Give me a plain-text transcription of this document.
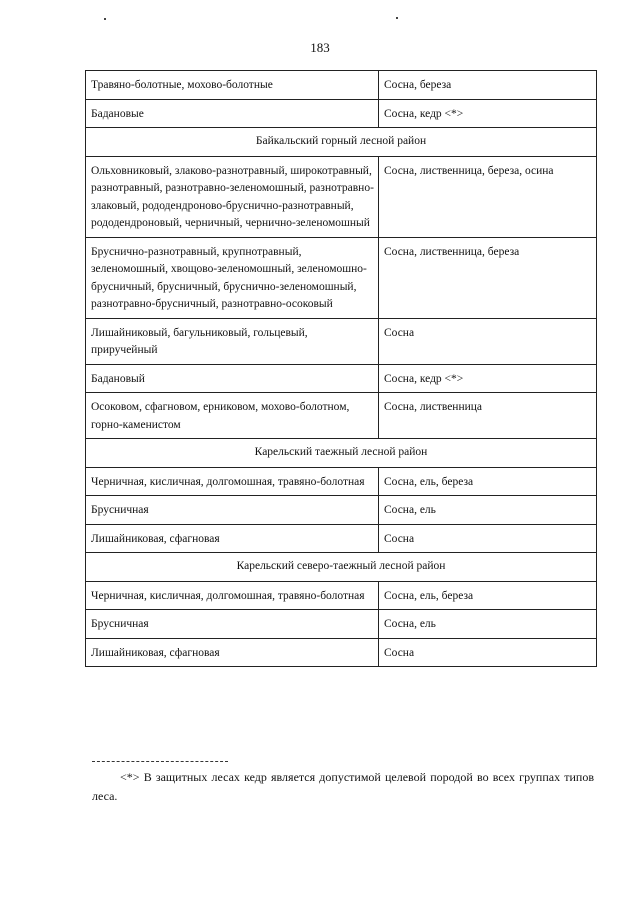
183
Травяно-болотные, мохово-болотные	Сосна, береза
Бадановые	Сосна, кедр <*>
Байкальский горный лесной район	
Ольховниковый, злаково-разнотравный, широкотравный, разнотравный, разнотравно-зеленомошный, разнотравно-злаковый, рододендроново-бруснично-разнотравный, рододендроновый, черничный, чернично-зеленомошный	Сосна, лиственница, береза, осина
Бруснично-разнотравный, крупнотравный, зеленомошный, хвощово-зеленомошный, зеленомошно-брусничный, брусничный, бруснично-зеленомошный, разнотравно-брусничный, разнотравно-осоковый	Сосна, лиственница, береза
Лишайниковый, багульниковый, гольцевый, приручейный	Сосна
Бадановый	Сосна, кедр <*>
Осоковом, сфагновом, ерниковом, мохово-болотном, горно-каменистом	Сосна, лиственница
Карельский таежный лесной район	
Черничная, кисличная, долгомошная, травяно-болотная	Сосна, ель, береза
Брусничная	Сосна, ель
Лишайниковая, сфагновая	Сосна
Карельский северо-таежный лесной район	
Черничная, кисличная, долгомошная, травяно-болотная	Сосна, ель, береза
Брусничная	Сосна, ель
Лишайниковая, сфагновая	Сосна
<*> В защитных лесах кедр является допустимой целевой породой во всех группах типов леса.
